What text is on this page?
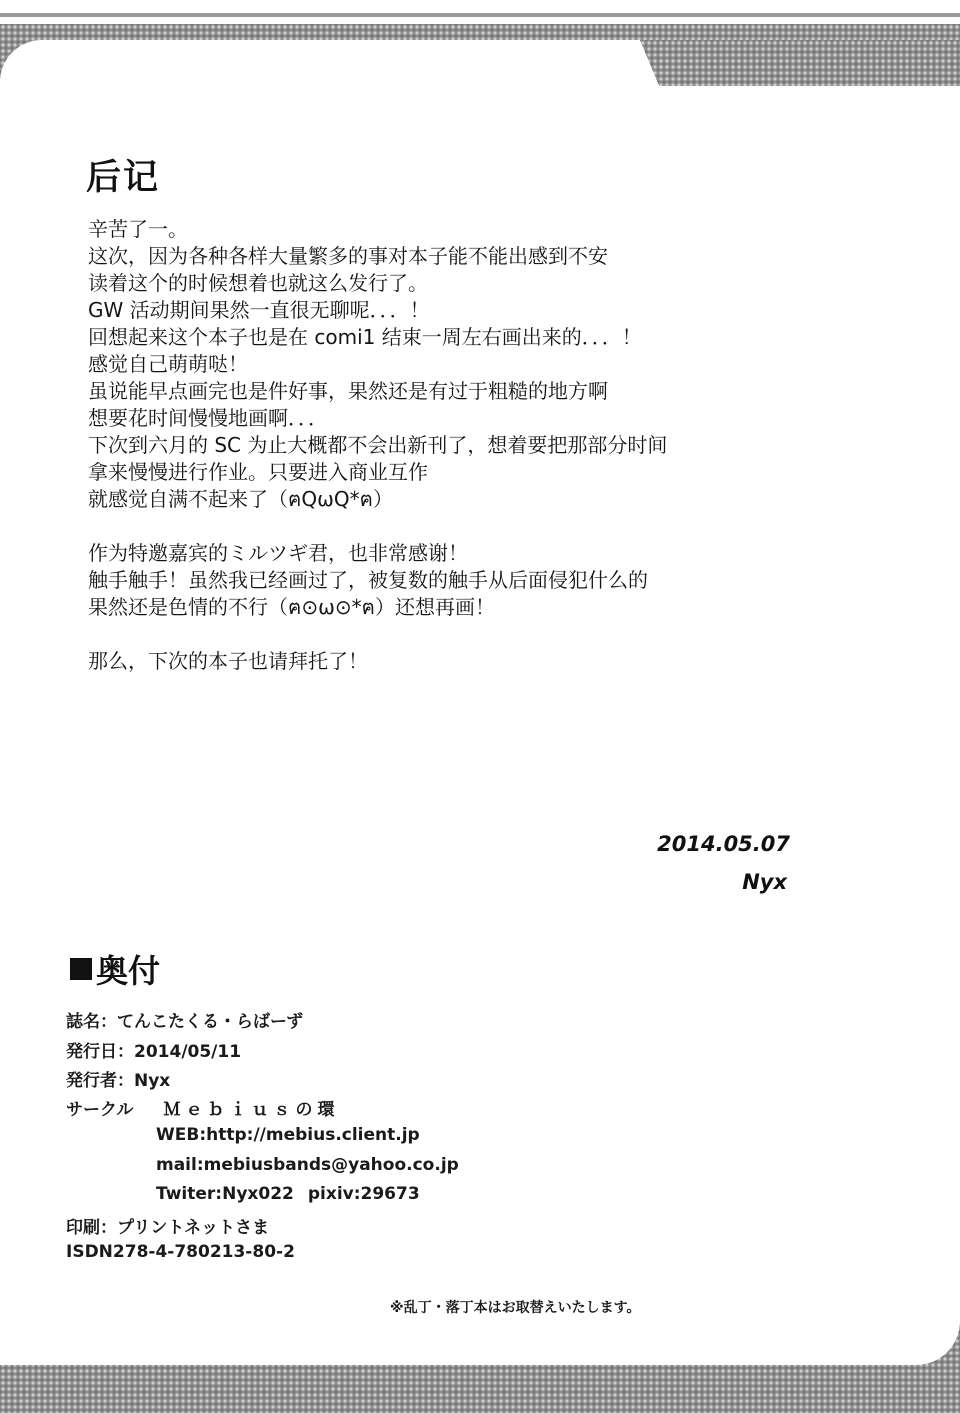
后记
辛苦了一。
这次，因为各种各样大量繁多的事对本子能不能出感到不安
读着这个的时候想着也就这么发行了。
GW 活动期间果然一直很无聊呢．．．！
回想起来这个本子也是在 comi1 结束一周左右画出来的．．．！
感觉自己萌萌哒！
虽说能早点画完也是件好事，果然还是有过于粗糙的地方啊
想要花时间慢慢地画啊．．．
下次到六月的 SC 为止大概都不会出新刊了，想着要把那部分时间
拿来慢慢进行作业。只要进入商业互作
就感觉自满不起来了（ฅQωQ*ฅ）
作为特邀嘉宾的ミルツギ君，也非常感谢！
触手触手！虽然我已经画过了，被复数的触手从后面侵犯什么的
果然还是色情的不行（ฅ⊙ω⊙*ฅ）还想再画！
那么，下次的本子也请拜托了！
2014.05.07
Nyx
奥付
誌名：てんこたくる・らばーず
発行日：2014/05/11
発行者：Nyx
サークル Ｍｅｂｉｕｓの環
WEB:http://mebius.client.jp
mail:mebiusbands@yahoo.co.jp
Twiter:Nyx022 pixiv:29673
印刷：プリントネットさま
ISDN278-4-780213-80-2
※乱丁・落丁本はお取替えいたします。
